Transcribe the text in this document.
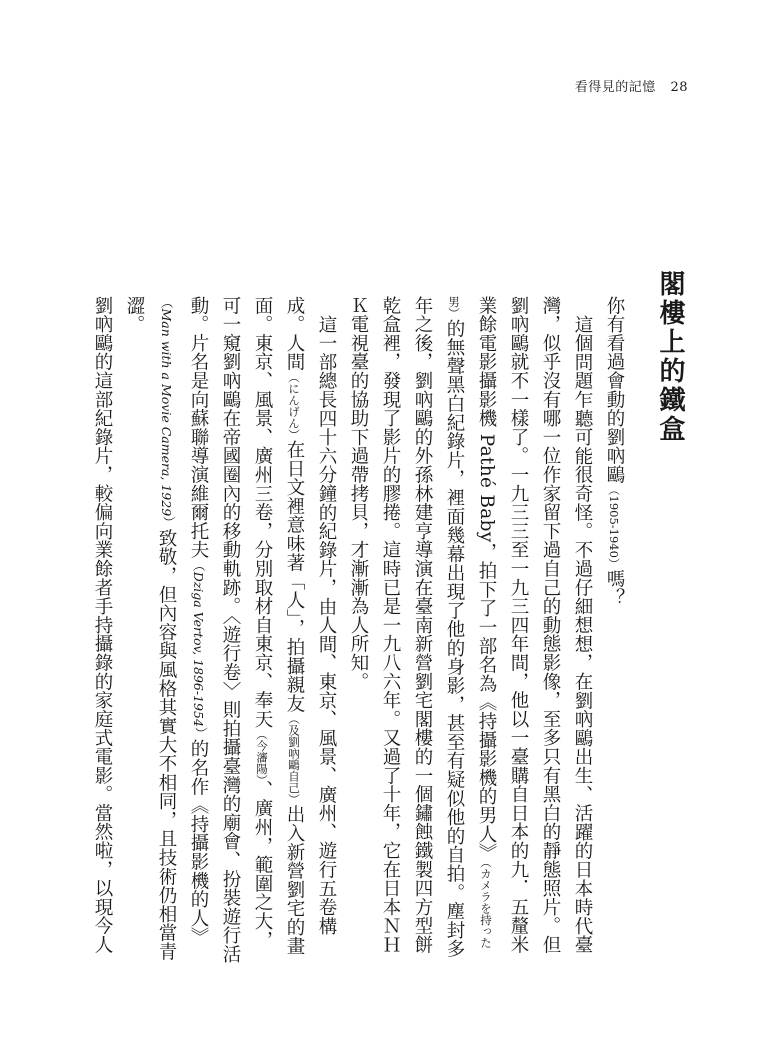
看得見的記憶 28
閣樓上的鐵盒

你有看過會動的劉吶鷗（1905-1940）嗎？

這個問題乍聽可能很奇怪。不過仔細想想，在劉吶鷗出生、活躍的日本時代臺灣，似乎沒有哪一位作家留下過自己的動態影像，至多只有黑白的靜態照片。但劉吶鷗就不一樣了。一九三三至一九三四年間，他以一臺購自日本的九．五釐米業餘電影攝影機 Pathé Baby，拍下了一部名為《持攝影機的男人》（カメラを持った男）的無聲黑白紀錄片，裡面幾幕出現了他的身影，甚至有疑似他的自拍。塵封多年之後，劉吶鷗的外孫林建亨導演在臺南新營劉宅閣樓的一個鏽蝕鐵製四方型餅乾盒裡，發現了影片的膠捲。這時已是一九八六年。又過了十年，它在日本ＮＨＫ電視臺的協助下過帶拷貝，才漸漸為人所知。

這一部總長四十六分鐘的紀錄片，由人間、東京、風景、廣州、遊行五卷構成。人間（にんげん）在日文裡意味著「人」，拍攝親友（及劉吶鷗自己）出入新營劉宅的畫面。東京、風景、廣州三卷，分別取材自東京、奉天（今瀋陽）、廣州，範圍之大，可一窺劉吶鷗在帝國圈內的移動軌跡。〈遊行卷〉則拍攝臺灣的廟會、扮裝遊行活動。片名是向蘇聯導演維爾托夫（Dziga Vertov, 1896-1954）的名作《持攝影機的人》（Man with a Movie Camera, 1929）致敬，但內容與風格其實大不相同，且技術仍相當青澀。

劉吶鷗的這部紀錄片，較偏向業餘者手持攝錄的家庭式電影。當然啦，以現今人
